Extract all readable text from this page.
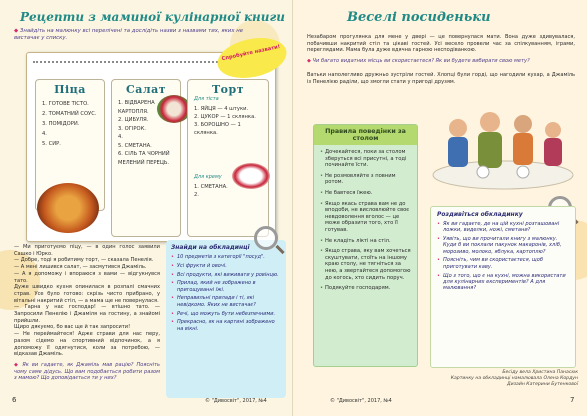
Рецепти з маминої кулінарної книги
◆ Знайдіть на малюнку всі перелічені та дослідіть назви з назвами тих, яких не вистачає у списку.
Спробуйте назвати!
Піца
1. ГОТОВЕ ТІСТО.
2. ТОМАТНИЙ СОУС.
3. ПОМІДОРИ.
4.
5. СИР.
Салат
1. ВІДВАРЕНА КАРТОПЛЯ.
2. ЦИБУЛЯ.
3. ОГІРОК.
4.
5. СМЕТАНА.
6. СІЛЬ ТА ЧОРНИЙ МЕЛЕНИЙ ПЕРЕЦЬ.
Торт
Для тіста
1. ЯЙЦЯ — 4 штуки.
2. ЦУКОР — 1 склянка.
3. БОРОШНО — 1 склянка.
Для крему
1. СМЕТАНА.
2.
— Ми приготуємо піцу, — в один голос заявили Сашко і Юрко.
— Добре, тоді я робитиму торт, — сказала Пенелія.
— А мені лишився салат, — засмутився Джаміль.
— А я допоможу і впораюся з вами — відгукнувся тато.
Дуже швидко кухня опинилася в розпалі смачних страв. Усе було готово: скрізь чисто прибрано, у вітальні накритий стіл, — а мама ще не повернулася.
— Гарна у нас господар! — втішно тато. — Запросили Пенелію і Джаміля на гостину, а знайомі прийшли.
Щиро дякуємо, бо вас ще й так запросити!
— Не переймайтеся! Адже страви для нас перу, разом сідемо на спортивний відпочинок, а я допоможу її одягнутися, коли за потребою, — відказав Джаміль.
◆ Як ви гадаєте, як Джаміль мав рацію? Поясніть чому саме дідусь. Що вам подобається робити разом з мамою? Що доповідається ти у них?
Знайди на обкладинці
• 10 предметів з категорії "посуд".
• Усі фрукти й овочі.
• Всі продукти, які виживати у ровінцю.
• Прилад, який не зображено в пригощуванні їжі.
• Неправильні прилади і ті, які невідкомо. Яких не вистачає?
• Речі, що можуть бути небезпечними.
• Прекрасно, як на картині зображено на вікні.
6	© "Дивосвіт", 2017, №4
Веселі посиденьки
Незабаром прогулянка для мене у двері — це повернулася мати. Вона дуже здивувалася, побачивши накритий стіл та цікаві гостей. Усі весело провели час за спілкуванням, іграми, переглядами. Мама була дуже вдячна гарною несподіванкою.
◆ Чи багато видатних місць ви скористаєтеся? Як ви будете вибирати свою мету?
Ватьки наполегливо дружньо зустріли гостей. Хлопці були горді, що нагодили кухар, а Джаміль із Пенелією раділи, що змогли стати у пригоді друзям.
Правила поведінки за столом
• Дочекайтеся, поки за столом зберуться всі присутні, а тоді починайте їсти.
• Не розмовляйте з повним ротом.
• Не бавтеся їжею.
• Якщо якась страва вам не до вподоби, не висловлюйте своє невдоволення вголос — це може образити того, хто її готував.
• Не кладіть лікті на стіл.
• Якщо страва, яку вам хочеться скуштувати, стоїть на іншому краю столу, не тягніться за нею, а звертайтеся допомогою до когось, хто сидить поруч.
• Подякуйте господарям.
Роздивіться обкладинку
• Як ви гадаєте, де на цій кухні розташовані ложки, виделки, ножі, сметани?
• Уявіть, що ви прочитали книгу з малюнку. Куди б ви поклали пакунок макаронів, хліб, морозиво, молоко, яблука, картоплю?
• Поясніть, чим ви скористаєтеся, щоб приготувати каву.
• Що з того, що є на кухні, можна використати для кулінарних експериментів? А для малювання?
Бесіду вела Христина Панасюк
Картинку на обкладинці намалювала Олена Кордун
Дизайн Катерини Бутенкової
© "Дивосвіт", 2017, №4	7
